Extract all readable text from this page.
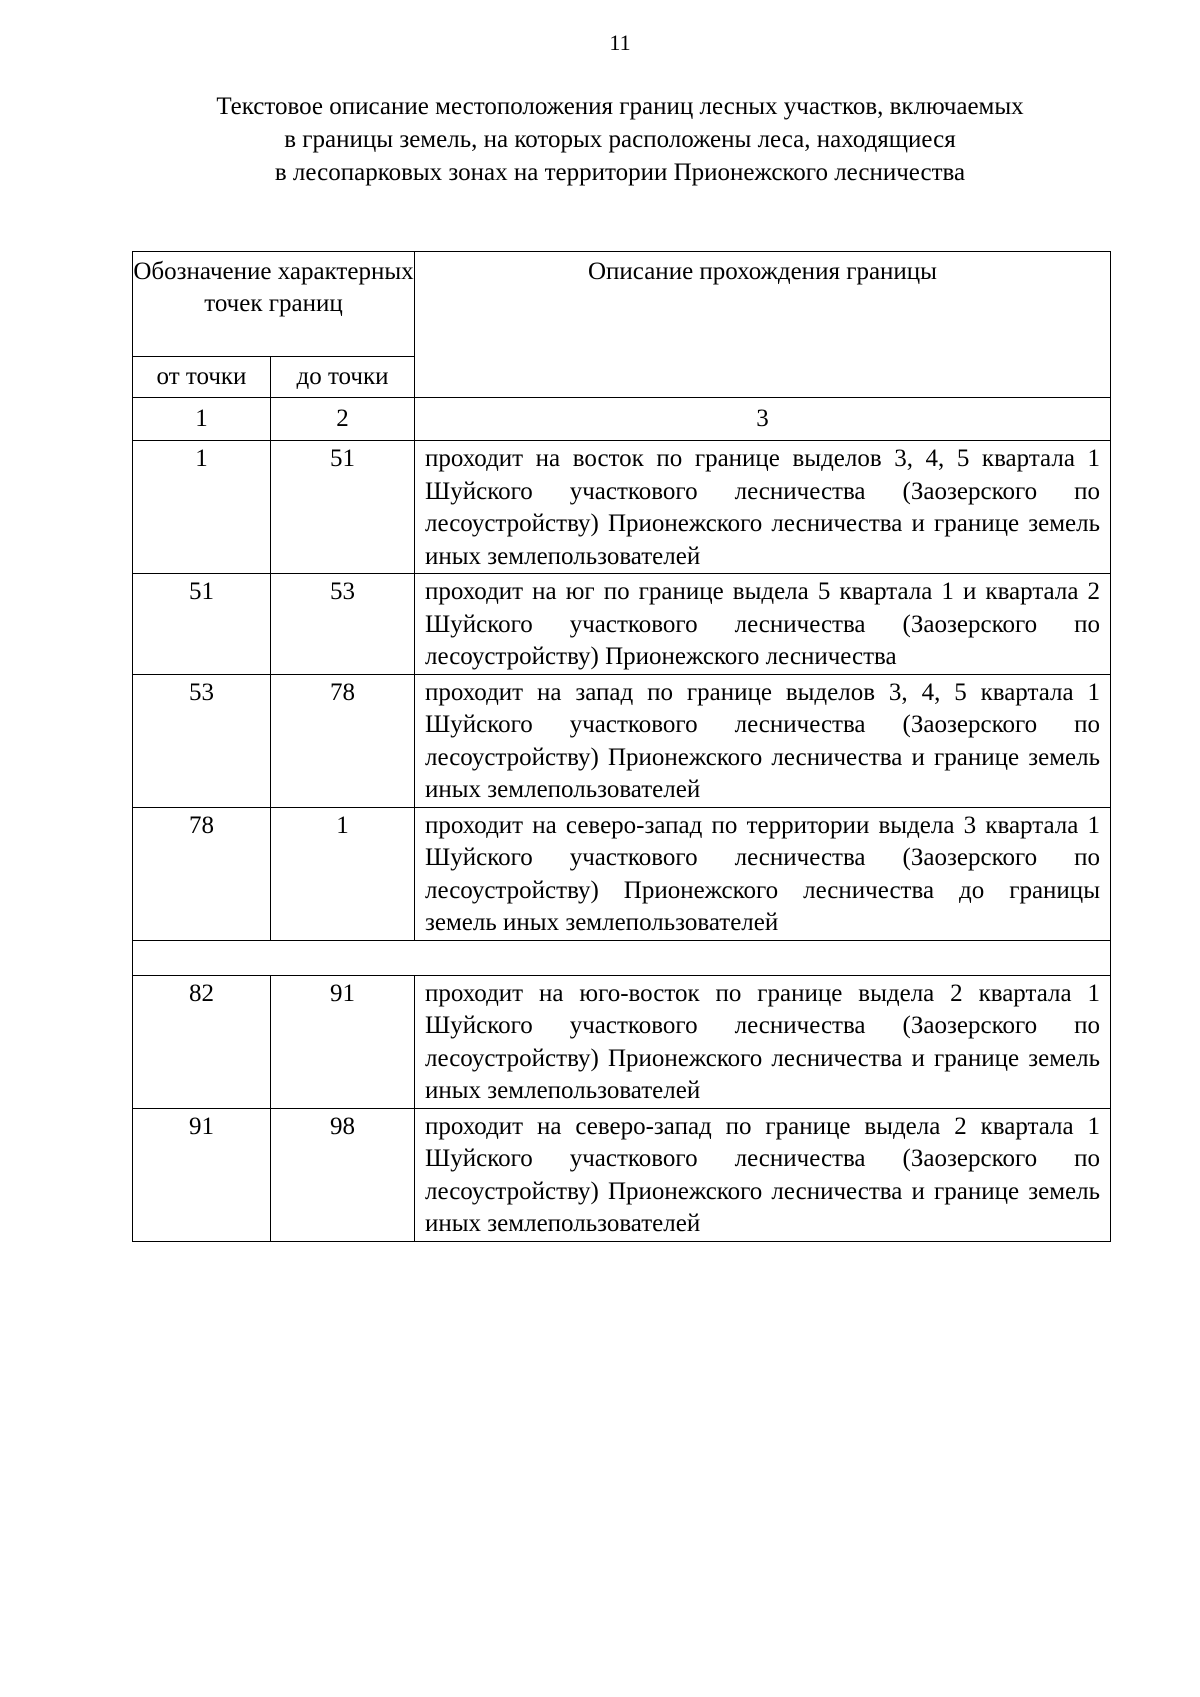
11
Текстовое описание местоположения границ лесных участков, включаемых
в границы земель, на которых расположены леса, находящиеся
в лесопарковых зонах на территории Прионежского лесничества
Обозначение характерных точек границ		Описание прохождения границы
от точки	до точки	
1	2	3
1	51	проходит на восток по границе выделов 3, 4, 5 квартала 1 Шуйского участкового лесничества (Заозерского по лесоустройству) Прионежского лесничества и границе земель иных землепользователей
51	53	проходит на юг по границе выдела 5 квартала 1 и квартала 2 Шуйского участкового лесничества (Заозерского по лесоустройству) Прионежского лесничества
53	78	проходит на запад по границе выделов 3, 4, 5 квартала 1 Шуйского участкового лесничества (Заозерского по лесоустройству) Прионежского лесничества и границе земель иных землепользователей
78	1	проходит на северо-запад по территории выдела 3 квартала 1 Шуйского участкового лесничества (Заозерского по лесоустройству) Прионежского лесничества до границы земель иных землепользователей

82	91	проходит на юго-восток по границе выдела 2 квартала 1 Шуйского участкового лесничества (Заозерского по лесоустройству) Прионежского лесничества и границе земель иных землепользователей
91	98	проходит на северо-запад по границе выдела 2 квартала 1 Шуйского участкового лесничества (Заозерского по лесоустройству) Прионежского лесничества и границе земель иных землепользователей
